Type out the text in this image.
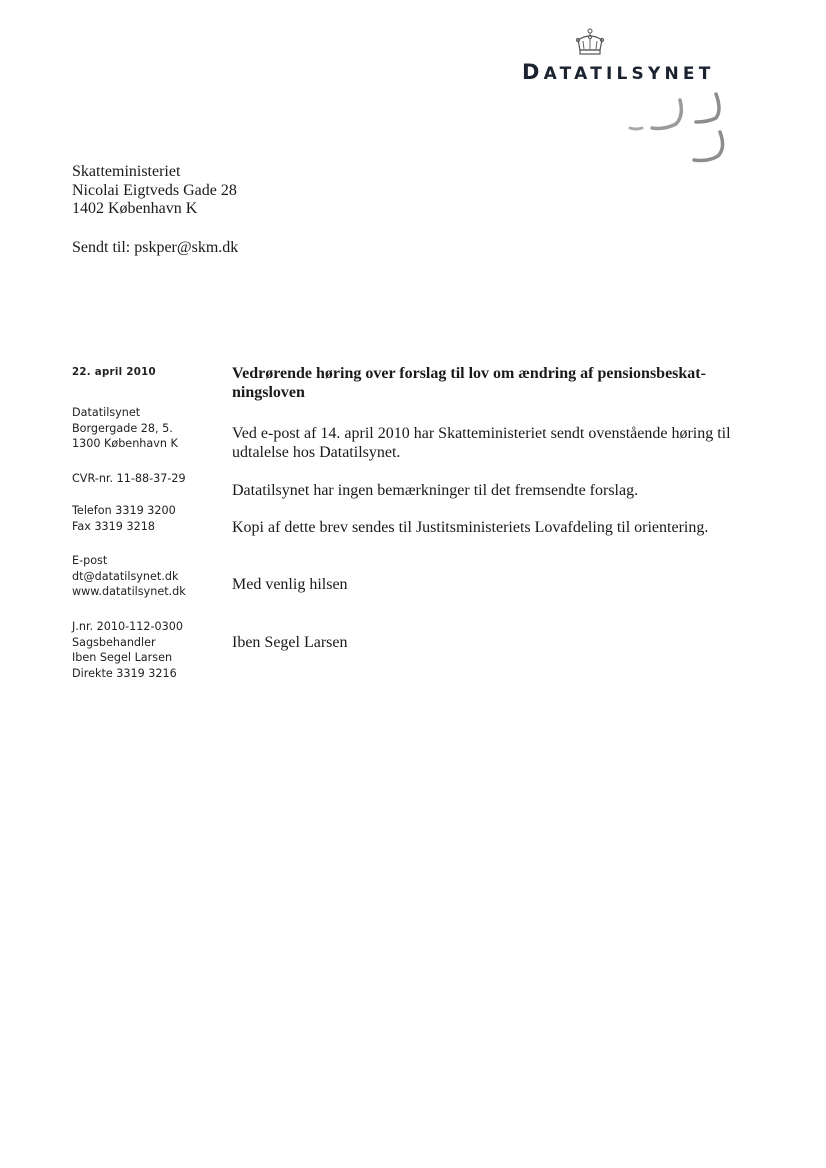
DATATILSYNET
Skatteministeriet
Nicolai Eigtveds Gade 28
1402 København K
Sendt til: pskper@skm.dk
22. april 2010
Datatilsynet
Borgergade 28, 5.
1300 København K
CVR-nr. 11-88-37-29
Telefon 3319 3200
Fax 3319 3218
E-post
dt@datatilsynet.dk
www.datatilsynet.dk
J.nr. 2010-112-0300
Sagsbehandler
Iben Segel Larsen
Direkte 3319 3216
Vedrørende høring over forslag til lov om ændring af pensionsbeskat-
ningsloven
Ved e-post af 14. april 2010 har Skatteministeriet sendt ovenstående høring til
udtalelse hos Datatilsynet.
Datatilsynet har ingen bemærkninger til det fremsendte forslag.
Kopi af dette brev sendes til Justitsministeriets Lovafdeling til orientering.
Med venlig hilsen
Iben Segel Larsen
